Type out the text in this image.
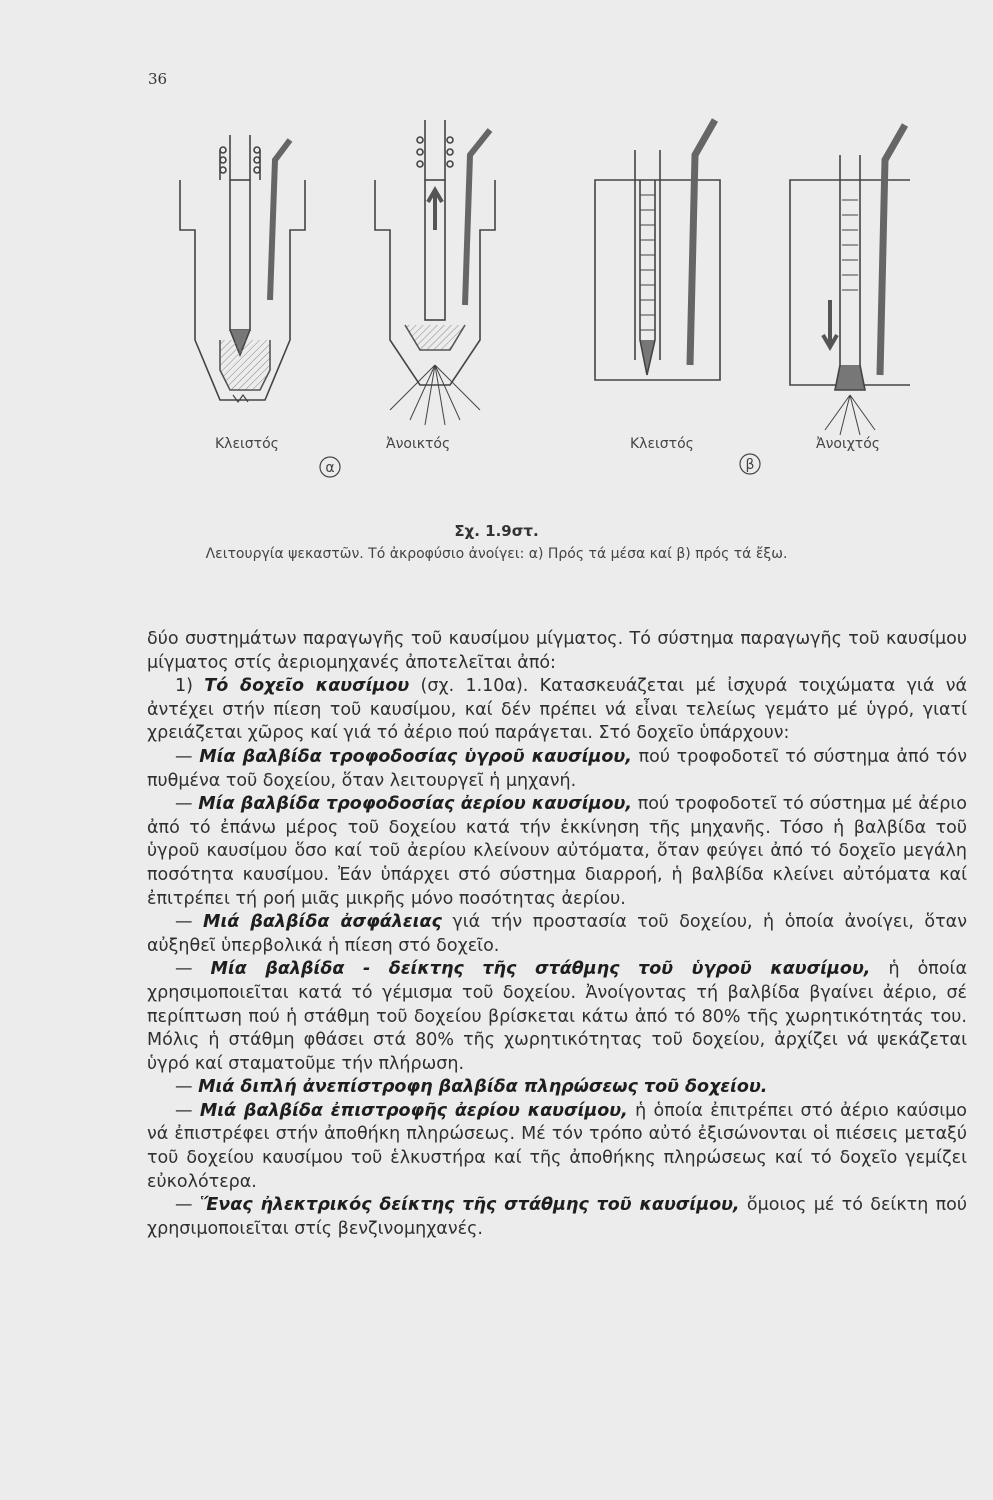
36
Κλειστός	Ἀνοικτός	Κλειστός	Ἀνοιχτός
α	β
Σχ. 1.9στ.
Λειτουργία ψεκαστῶν. Τό ἀκροφύσιο ἀνοίγει: α) Πρός τά μέσα καί β) πρός τά ἔξω.

δύο συστημάτων παραγωγῆς τοῦ καυσίμου μίγματος. Τό σύστημα παραγωγῆς τοῦ καυσίμου μίγματος στίς ἀεριομηχανές ἀποτελεῖται ἀπό:

1) Τό δοχεῖο καυσίμου (σχ. 1.10α). Κατασκευάζεται μέ ἰσχυρά τοιχώματα γιά νά ἀντέχει στήν πίεση τοῦ καυσίμου, καί δέν πρέπει νά εἶναι τελείως γεμάτο μέ ὑγρό, γιατί χρειάζεται χῶρος καί γιά τό ἀέριο πού παράγεται. Στό δοχεῖο ὑπάρχουν:

— Μία βαλβίδα τροφοδοσίας ὑγροῦ καυσίμου, πού τροφοδοτεῖ τό σύστημα ἀπό τόν πυθμένα τοῦ δοχείου, ὅταν λειτουργεῖ ἡ μηχανή.

— Μία βαλβίδα τροφοδοσίας ἀερίου καυσίμου, πού τροφοδοτεῖ τό σύστημα μέ ἀέριο ἀπό τό ἐπάνω μέρος τοῦ δοχείου κατά τήν ἐκκίνηση τῆς μηχανῆς. Τόσο ἡ βαλβίδα τοῦ ὑγροῦ καυσίμου ὅσο καί τοῦ ἀερίου κλείνουν αὐτόματα, ὅταν φεύγει ἀπό τό δοχεῖο μεγάλη ποσότητα καυσίμου. Ἐάν ὑπάρχει στό σύστημα διαρροή, ἡ βαλβίδα κλείνει αὐτόματα καί ἐπιτρέπει τή ροή μιᾶς μικρῆς μόνο ποσότητας ἀερίου.

— Μιά βαλβίδα ἀσφάλειας γιά τήν προστασία τοῦ δοχείου, ἡ ὁποία ἀνοίγει, ὅταν αὐξηθεῖ ὑπερβολικά ἡ πίεση στό δοχεῖο.

— Μία βαλβίδα - δείκτης τῆς στάθμης τοῦ ὑγροῦ καυσίμου, ἡ ὁποία χρησιμοποιεῖται κατά τό γέμισμα τοῦ δοχείου. Ἀνοίγοντας τή βαλβίδα βγαίνει ἀέριο, σέ περίπτωση πού ἡ στάθμη τοῦ δοχείου βρίσκεται κάτω ἀπό τό 80% τῆς χωρητικότητάς του. Μόλις ἡ στάθμη φθάσει στά 80% τῆς χωρητικότητας τοῦ δοχείου, ἀρχίζει νά ψεκάζεται ὑγρό καί σταματοῦμε τήν πλήρωση.

— Μιά διπλή ἀνεπίστροφη βαλβίδα πληρώσεως τοῦ δοχείου.

— Μιά βαλβίδα ἐπιστροφῆς ἀερίου καυσίμου, ἡ ὁποία ἐπιτρέπει στό ἀέριο καύσιμο νά ἐπιστρέφει στήν ἀποθήκη πληρώσεως. Μέ τόν τρόπο αὐτό ἐξισώνονται οἱ πιέσεις μεταξύ τοῦ δοχείου καυσίμου τοῦ ἑλκυστήρα καί τῆς ἀποθήκης πληρώσεως καί τό δοχεῖο γεμίζει εὐκολότερα.

— Ἕνας ἠλεκτρικός δείκτης τῆς στάθμης τοῦ καυσίμου, ὅμοιος μέ τό δείκτη πού χρησιμοποιεῖται στίς βενζινομηχανές.
